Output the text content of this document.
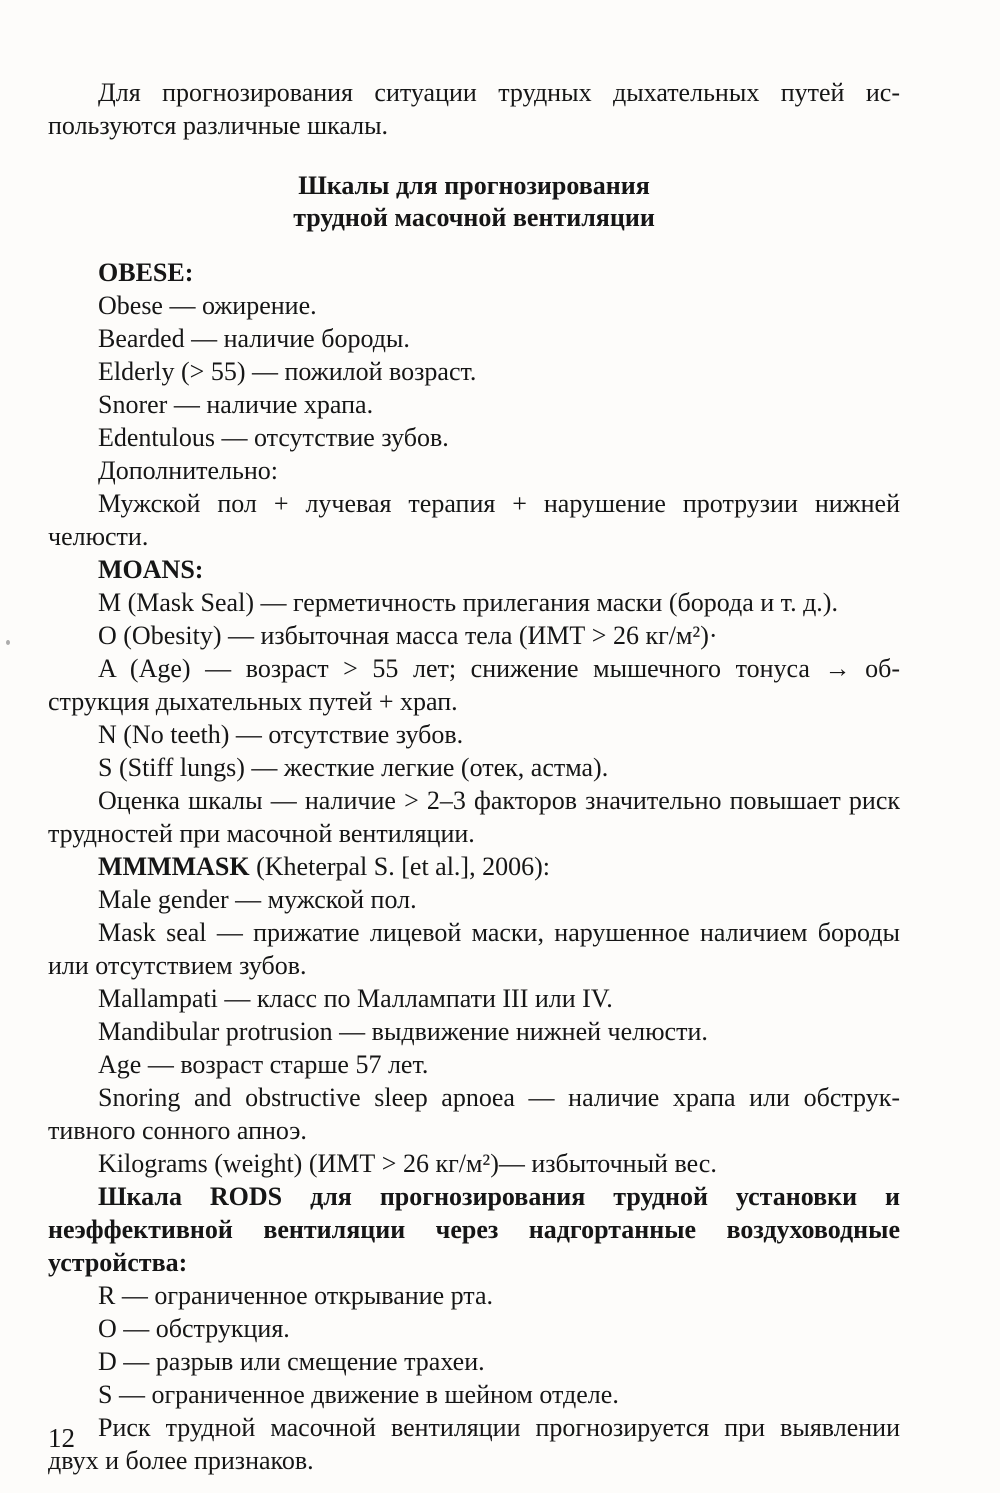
Для прогнозирования ситуации трудных дыхательных путей используются различные шкалы.

Шкалы для прогнозирования
трудной масочной вентиляции

OBESE:

Obese — ожирение.

Bearded — наличие бороды.

Elderly (> 55) — пожилой возраст.

Snorer — наличие храпа.

Edentulous — отсутствие зубов.

Дополнительно:

Мужской пол + лучевая терапия + нарушение протрузии нижней челюсти.

MOANS:

M (Mask Seal) — герметичность прилегания маски (борода и т. д.).

O (Obesity) — избыточная масса тела (ИМТ > 26 кг/м²)·

A (Age) — возраст > 55 лет; снижение мышечного тонуса → обструкция дыхательных путей + храп.

N (No teeth) — отсутствие зубов.

S (Stiff lungs) — жесткие легкие (отек, астма).

Оценка шкалы — наличие > 2–3 факторов значительно повышает риск трудностей при масочной вентиляции.

MMMMASK (Kheterpal S. [et al.], 2006):

Male gender — мужской пол.

Mask seal — прижатие лицевой маски, нарушенное наличием бороды или отсутствием зубов.

Mallampati — класс по Маллампати III или IV.

Mandibular protrusion — выдвижение нижней челюсти.

Age — возраст старше 57 лет.

Snoring and obstructive sleep apnoea — наличие храпа или обструктивного сонного апноэ.

Kilograms (weight) (ИМТ > 26 кг/м²)— избыточный вес.

Шкала RODS для прогнозирования трудной установки и неэффективной вентиляции через надгортанные воздуховодные устройства:

R — ограниченное открывание рта.

O — обструкция.

D — разрыв или смещение трахеи.

S — ограниченное движение в шейном отделе.

Риск трудной масочной вентиляции прогнозируется при выявлении двух и более признаков.

12
